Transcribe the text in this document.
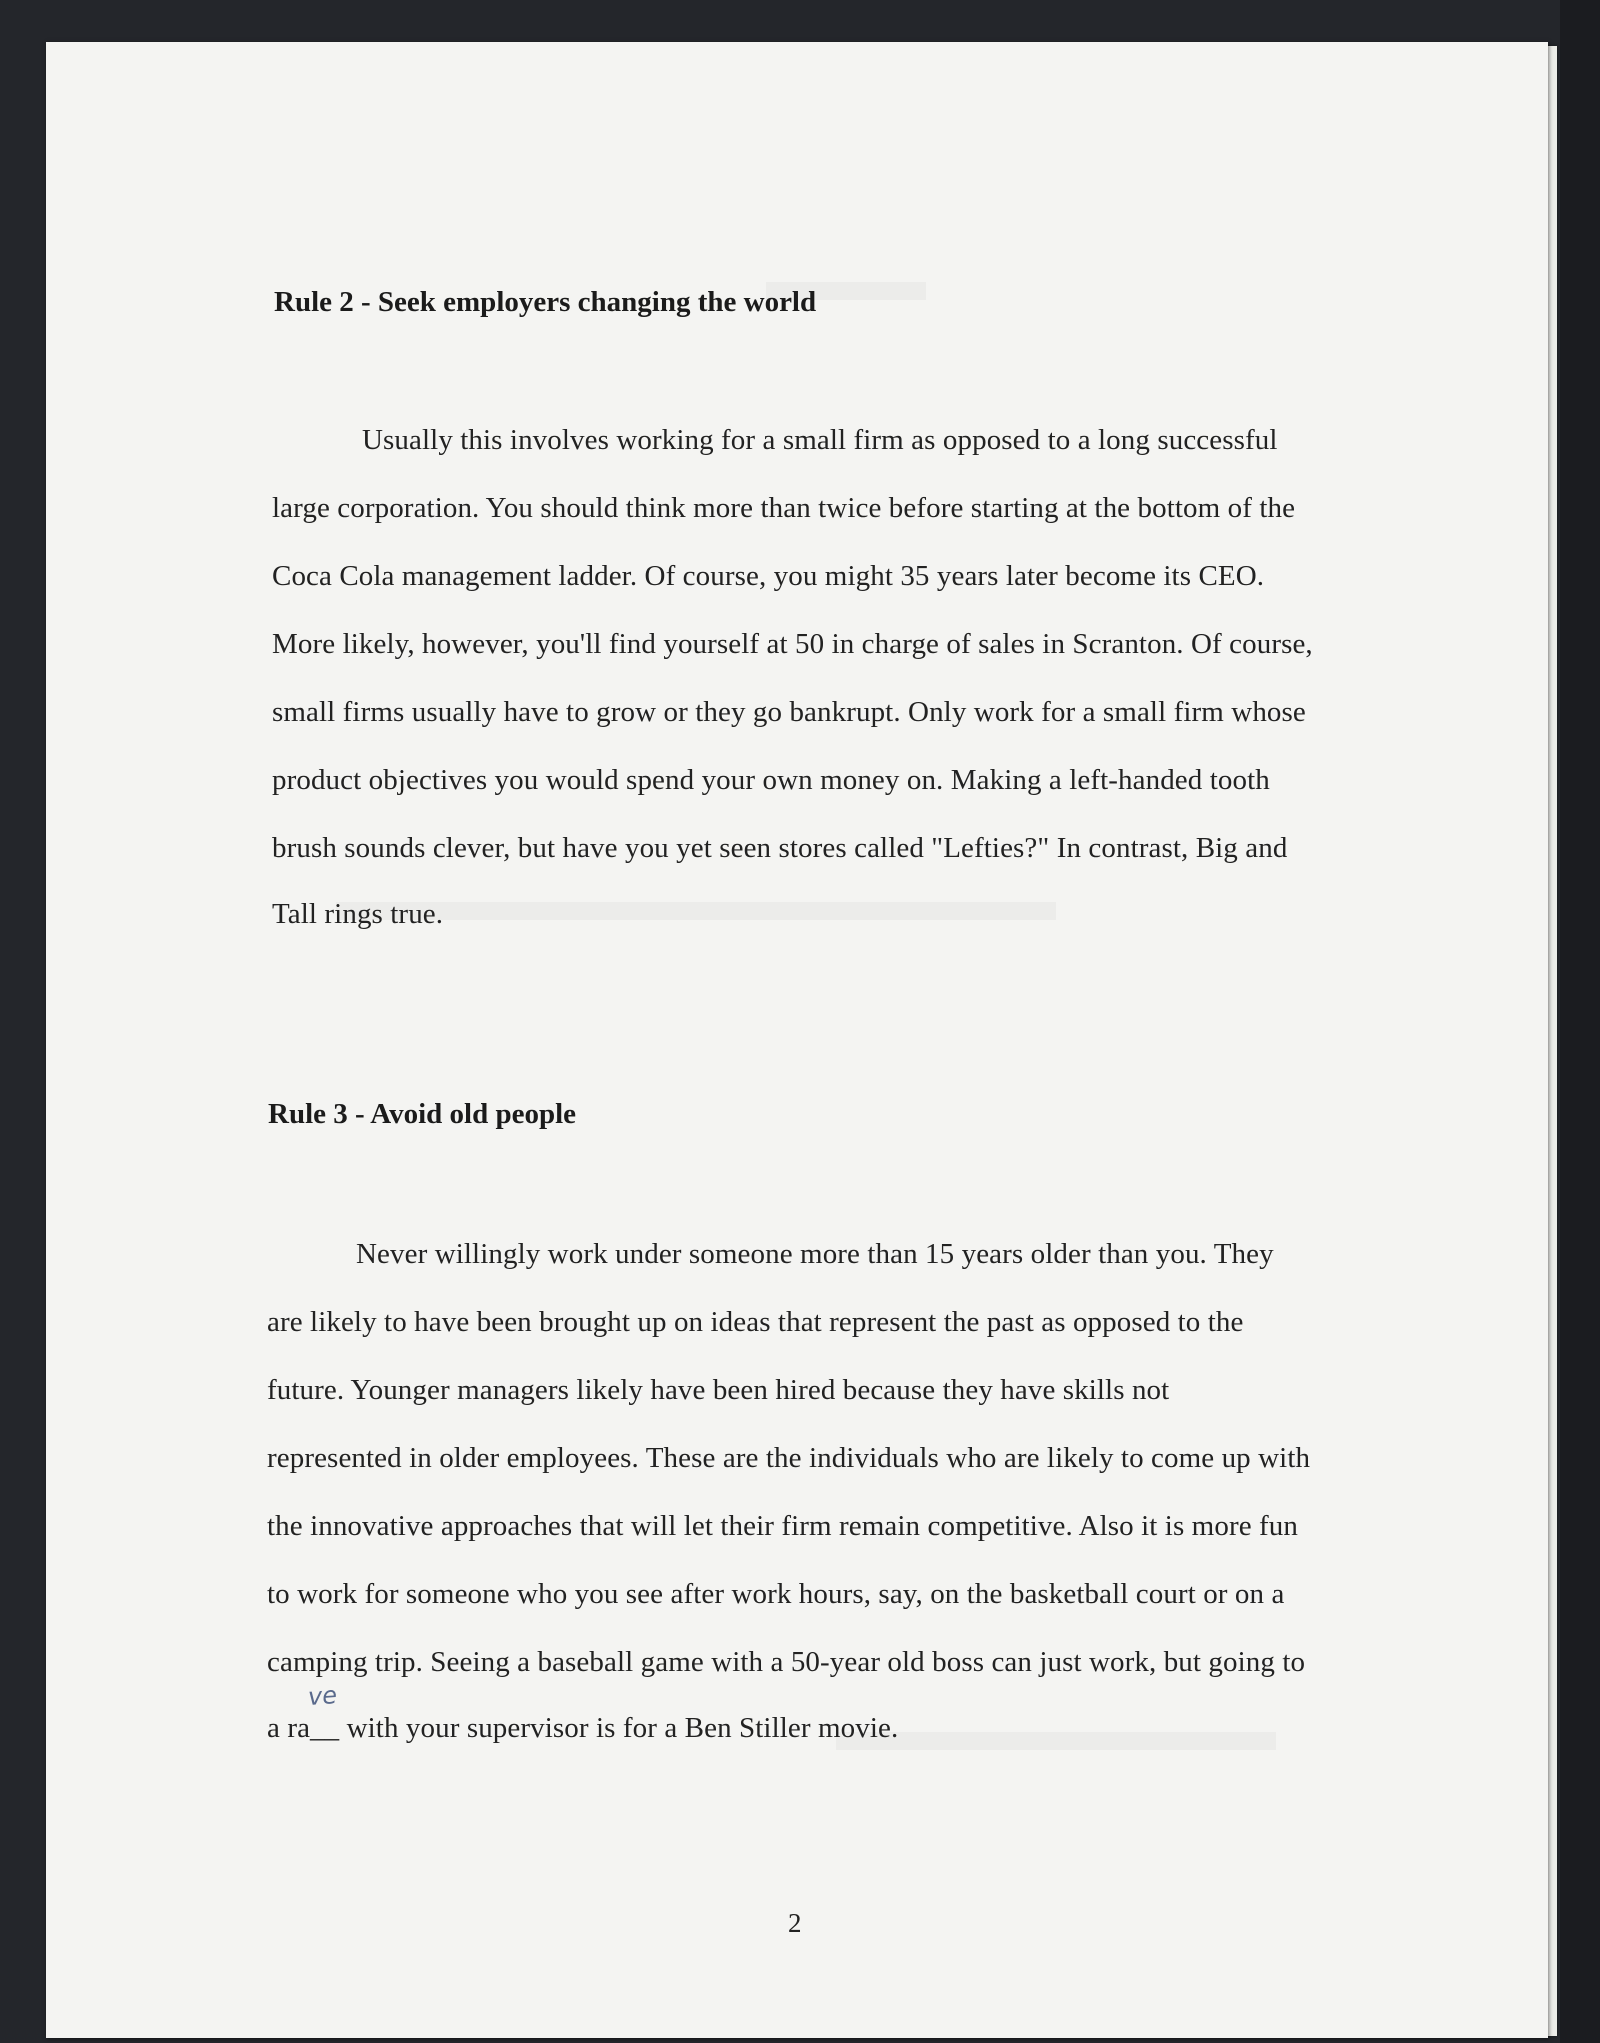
Rule 2 - Seek employers changing the world

Usually this involves working for a small firm as opposed to a long successful

large corporation. You should think more than twice before starting at the bottom of the

Coca Cola management ladder. Of course, you might 35 years later become its CEO.

More likely, however, you'll find yourself at 50 in charge of sales in Scranton. Of course,

small firms usually have to grow or they go bankrupt. Only work for a small firm whose

product objectives you would spend your own money on. Making a left-handed tooth

brush sounds clever, but have you yet seen stores called "Lefties?" In contrast, Big and

Tall rings true.

Rule 3 - Avoid old people

Never willingly work under someone more than 15 years older than you. They

are likely to have been brought up on ideas that represent the past as opposed to the

future. Younger managers likely have been hired because they have skills not

represented in older employees. These are the individuals who are likely to come up with

the innovative approaches that will let their firm remain competitive. Also it is more fun

to work for someone who you see after work hours, say, on the basketball court or on a

camping trip. Seeing a baseball game with a 50-year old boss can just work, but going to

a ra__ with your supervisor is for a Ben Stiller movie.

ve
2
